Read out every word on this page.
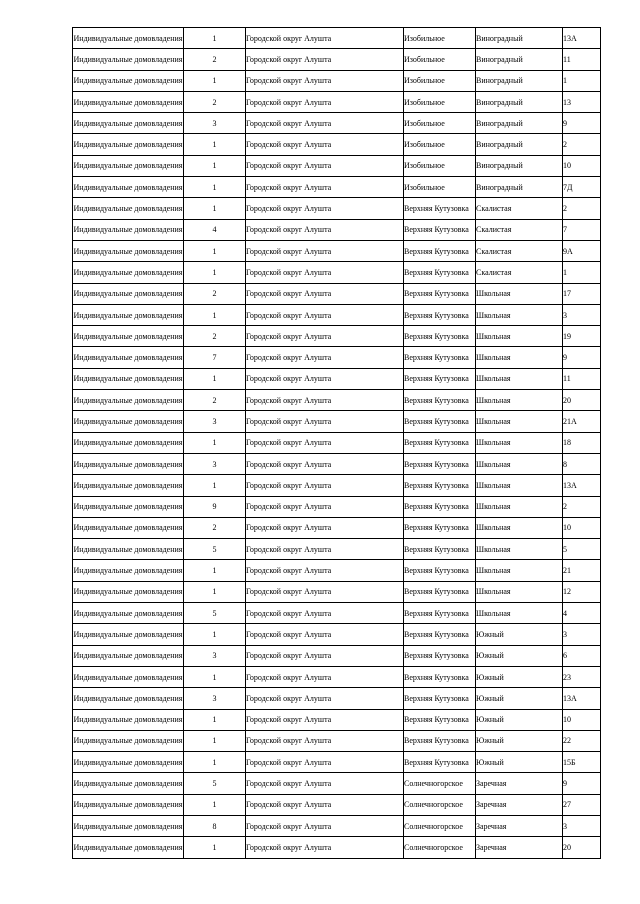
Индивидуальные домовладения	1	Городской округ Алушта	Изобильное	Виноградный	13А
Индивидуальные домовладения	2	Городской округ Алушта	Изобильное	Виноградный	11
Индивидуальные домовладения	1	Городской округ Алушта	Изобильное	Виноградный	1
Индивидуальные домовладения	2	Городской округ Алушта	Изобильное	Виноградный	13
Индивидуальные домовладения	3	Городской округ Алушта	Изобильное	Виноградный	9
Индивидуальные домовладения	1	Городской округ Алушта	Изобильное	Виноградный	2
Индивидуальные домовладения	1	Городской округ Алушта	Изобильное	Виноградный	10
Индивидуальные домовладения	1	Городской округ Алушта	Изобильное	Виноградный	7Д
Индивидуальные домовладения	1	Городской округ Алушта	Верхняя Кутузовка	Скалистая	2
Индивидуальные домовладения	4	Городской округ Алушта	Верхняя Кутузовка	Скалистая	7
Индивидуальные домовладения	1	Городской округ Алушта	Верхняя Кутузовка	Скалистая	9А
Индивидуальные домовладения	1	Городской округ Алушта	Верхняя Кутузовка	Скалистая	1
Индивидуальные домовладения	2	Городской округ Алушта	Верхняя Кутузовка	Школьная	17
Индивидуальные домовладения	1	Городской округ Алушта	Верхняя Кутузовка	Школьная	3
Индивидуальные домовладения	2	Городской округ Алушта	Верхняя Кутузовка	Школьная	19
Индивидуальные домовладения	7	Городской округ Алушта	Верхняя Кутузовка	Школьная	9
Индивидуальные домовладения	1	Городской округ Алушта	Верхняя Кутузовка	Школьная	11
Индивидуальные домовладения	2	Городской округ Алушта	Верхняя Кутузовка	Школьная	20
Индивидуальные домовладения	3	Городской округ Алушта	Верхняя Кутузовка	Школьная	21А
Индивидуальные домовладения	1	Городской округ Алушта	Верхняя Кутузовка	Школьная	18
Индивидуальные домовладения	3	Городской округ Алушта	Верхняя Кутузовка	Школьная	8
Индивидуальные домовладения	1	Городской округ Алушта	Верхняя Кутузовка	Школьная	13А
Индивидуальные домовладения	9	Городской округ Алушта	Верхняя Кутузовка	Школьная	2
Индивидуальные домовладения	2	Городской округ Алушта	Верхняя Кутузовка	Школьная	10
Индивидуальные домовладения	5	Городской округ Алушта	Верхняя Кутузовка	Школьная	5
Индивидуальные домовладения	1	Городской округ Алушта	Верхняя Кутузовка	Школьная	21
Индивидуальные домовладения	1	Городской округ Алушта	Верхняя Кутузовка	Школьная	12
Индивидуальные домовладения	5	Городской округ Алушта	Верхняя Кутузовка	Школьная	4
Индивидуальные домовладения	1	Городской округ Алушта	Верхняя Кутузовка	Южный	3
Индивидуальные домовладения	3	Городской округ Алушта	Верхняя Кутузовка	Южный	6
Индивидуальные домовладения	1	Городской округ Алушта	Верхняя Кутузовка	Южный	23
Индивидуальные домовладения	3	Городской округ Алушта	Верхняя Кутузовка	Южный	13А
Индивидуальные домовладения	1	Городской округ Алушта	Верхняя Кутузовка	Южный	10
Индивидуальные домовладения	1	Городской округ Алушта	Верхняя Кутузовка	Южный	22
Индивидуальные домовладения	1	Городской округ Алушта	Верхняя Кутузовка	Южный	15Б
Индивидуальные домовладения	5	Городской округ Алушта	Солнечногорское	Заречная	9
Индивидуальные домовладения	1	Городской округ Алушта	Солнечногорское	Заречная	27
Индивидуальные домовладения	8	Городской округ Алушта	Солнечногорское	Заречная	3
Индивидуальные домовладения	1	Городской округ Алушта	Солнечногорское	Заречная	20
